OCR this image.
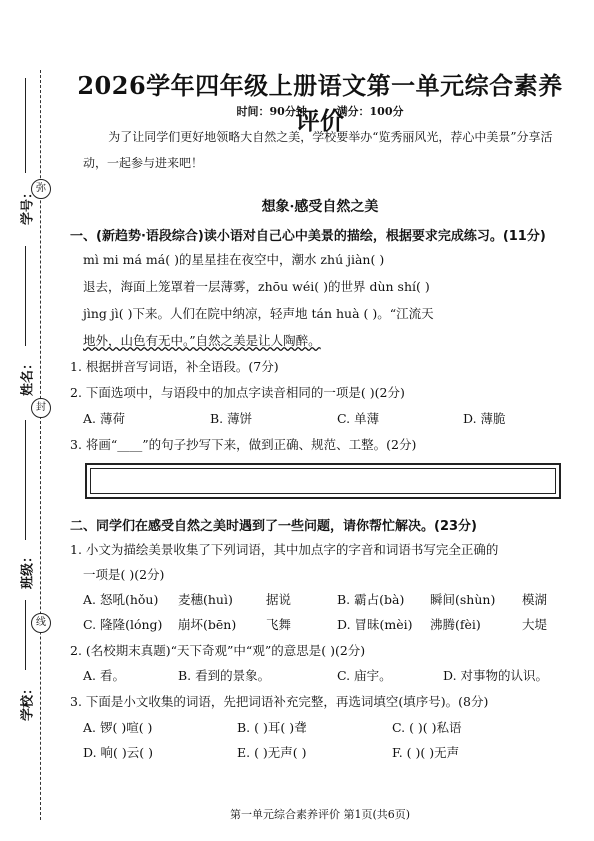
弥
封
线
学号：
姓名：
班级：
学校：
2026学年四年级上册语文第一单元综合素养评价
时间：90分钟	满分：100分
为了让同学们更好地领略大自然之美，学校要举办“览秀丽风光，荐心中美景”分享活动，一起参与进来吧！
想象·感受自然之美
一、(新趋势·语段综合)读小语对自己心中美景的描绘，根据要求完成练习。(11分)
mì mi má má( )的星星挂在夜空中，潮水 zhú jiàn( )
退去，海面上笼罩着一层薄雾，zhōu wéi( )的世界 dùn shí( )
jìng jì( )下来。人们在院中纳凉，轻声地 tán huà ( )。“江流天
地外，山色有无中。”自然之美是让人陶醉。
1. 根据拼音写词语，补全语段。(7分)
2. 下面选项中，与语段中的加点字读音相同的一项是( )(2分)
A. 薄荷	B. 薄饼	C. 单薄	D. 薄脆
3. 将画“____”的句子抄写下来，做到正确、规范、工整。(2分)
二、同学们在感受自然之美时遇到了一些问题，请你帮忙解决。(23分)
1. 小文为描绘美景收集了下列词语，其中加点字的字音和词语书写完全正确的
一项是( )(2分)
A. 怒吼(hǒu) 麦穗(huì)	据说	B. 霸占(bà) 瞬间(shùn) 模湖
C. 隆隆(lóng) 崩坏(bēn) 飞舞	D. 冒昧(mèi) 沸腾(fèi)	大堤
2. (名校期末真题)“天下奇观”中“观”的意思是( )(2分)
A. 看。	B. 看到的景象。	C. 庙宇。	D. 对事物的认识。
3. 下面是小文收集的词语，先把词语补充完整，再选词填空(填序号)。(8分)
A. 锣( )喧( )	B. ( )耳( )聋	C. ( )( )私语
D. 响( )云( )	E. ( )无声( )	F. ( )( )无声
第一单元综合素养评价 第1页(共6页)
